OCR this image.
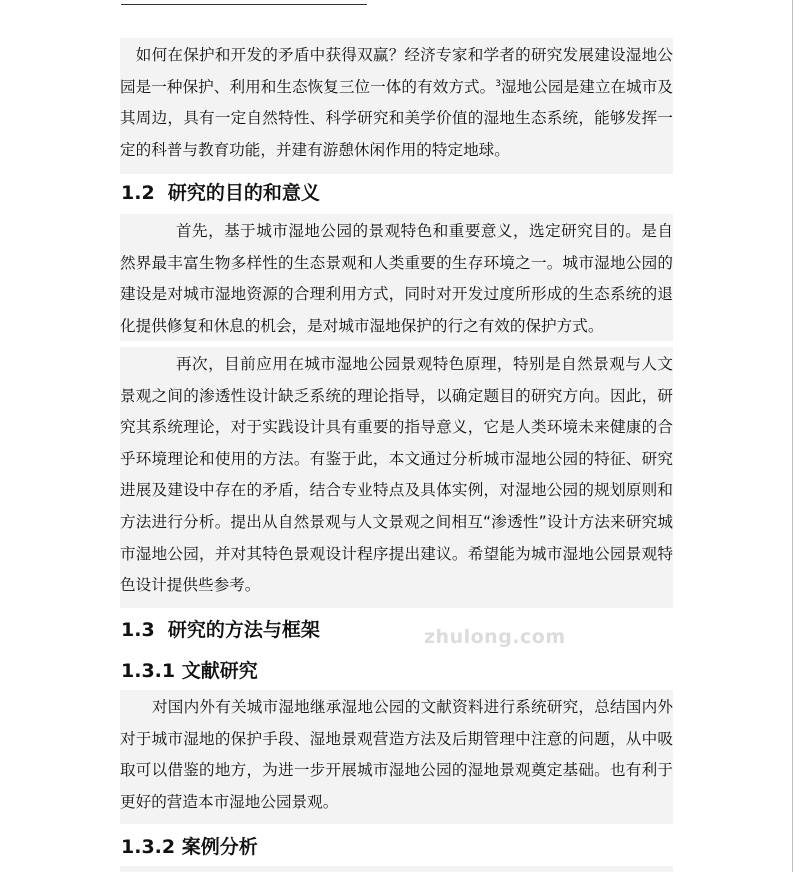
　如何在保护和开发的矛盾中获得双赢？经济专家和学者的研究发展建设湿地公园是一种保护、利用和生态恢复三位一体的有效方式。$^3$湿地公园是建立在城市及其周边，具有一定自然特性、科学研究和美学价值的湿地生态系统，能够发挥一定的科普与教育功能，并建有游憩休闲作用的特定地球。

1.2  研究的目的和意义

首先，基于城市湿地公园的景观特色和重要意义，选定研究目的。是自然界最丰富生物多样性的生态景观和人类重要的生存环境之一。城市湿地公园的建设是对城市湿地资源的合理利用方式，同时对开发过度所形成的生态系统的退化提供修复和休息的机会，是对城市湿地保护的行之有效的保护方式。

再次，目前应用在城市湿地公园景观特色原理，特别是自然景观与人文景观之间的渗透性设计缺乏系统的理论指导，以确定题目的研究方向。因此，研究其系统理论，对于实践设计具有重要的指导意义，它是人类环境未来健康的合乎环境理论和使用的方法。有鉴于此，本文通过分析城市湿地公园的特征、研究进展及建设中存在的矛盾，结合专业特点及具体实例，对湿地公园的规划原则和方法进行分析。提出从自然景观与人文景观之间相互“渗透性”设计方法来研究城市湿地公园，并对其特色景观设计程序提出建议。希望能为城市湿地公园景观特色设计提供些参考。

1.3  研究的方法与框架	zhulong.com
1.3.1 文献研究

对国内外有关城市湿地继承湿地公园的文献资料进行系统研究，总结国内外对于城市湿地的保护手段、湿地景观营造方法及后期管理中注意的问题，从中吸取可以借鉴的地方，为进一步开展城市湿地公园的湿地景观奠定基础。也有利于更好的营造本市湿地公园景观。

1.3.2 案例分析
